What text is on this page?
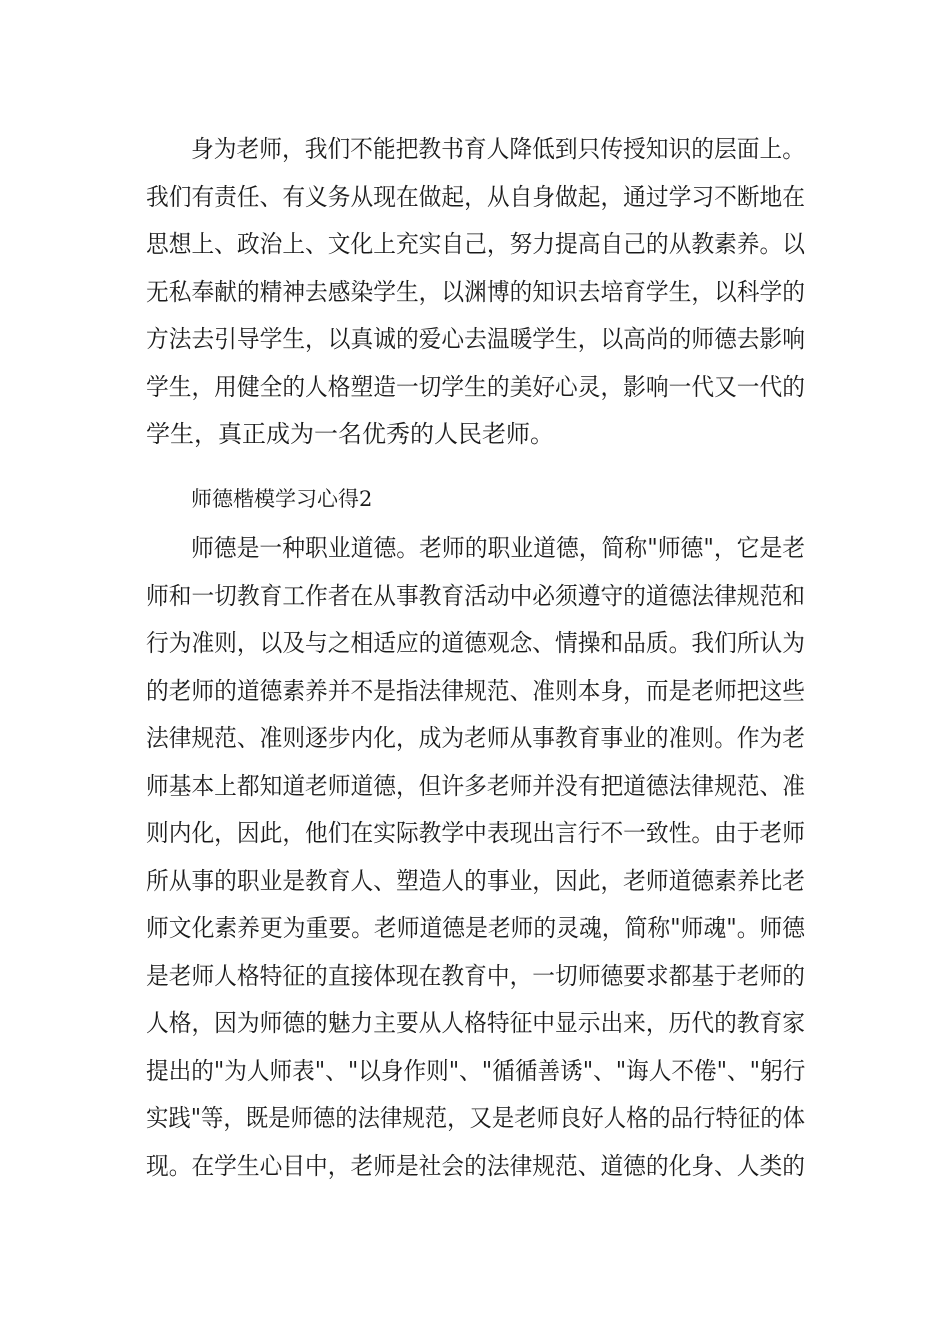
身为老师，我们不能把教书育人降低到只传授知识的层面上。
我们有责任、有义务从现在做起，从自身做起，通过学习不断地在
思想上、政治上、文化上充实自己，努力提高自己的从教素养。以
无私奉献的精神去感染学生，以渊博的知识去培育学生，以科学的
方法去引导学生，以真诚的爱心去温暖学生，以高尚的师德去影响
学生，用健全的人格塑造一切学生的美好心灵，影响一代又一代的
学生，真正成为一名优秀的人民老师。
师德楷模学习心得2
师德是一种职业道德。老师的职业道德，简称"师德"，它是老
师和一切教育工作者在从事教育活动中必须遵守的道德法律规范和
行为准则，以及与之相适应的道德观念、情操和品质。我们所认为
的老师的道德素养并不是指法律规范、准则本身，而是老师把这些
法律规范、准则逐步内化，成为老师从事教育事业的准则。作为老
师基本上都知道老师道德，但许多老师并没有把道德法律规范、准
则内化，因此，他们在实际教学中表现出言行不一致性。由于老师
所从事的职业是教育人、塑造人的事业，因此，老师道德素养比老
师文化素养更为重要。老师道德是老师的灵魂，简称"师魂"。师德
是老师人格特征的直接体现在教育中，一切师德要求都基于老师的
人格，因为师德的魅力主要从人格特征中显示出来，历代的教育家
提出的"为人师表"、"以身作则"、"循循善诱"、"诲人不倦"、"躬行
实践"等，既是师德的法律规范，又是老师良好人格的品行特征的体
现。在学生心目中，老师是社会的法律规范、道德的化身、人类的
